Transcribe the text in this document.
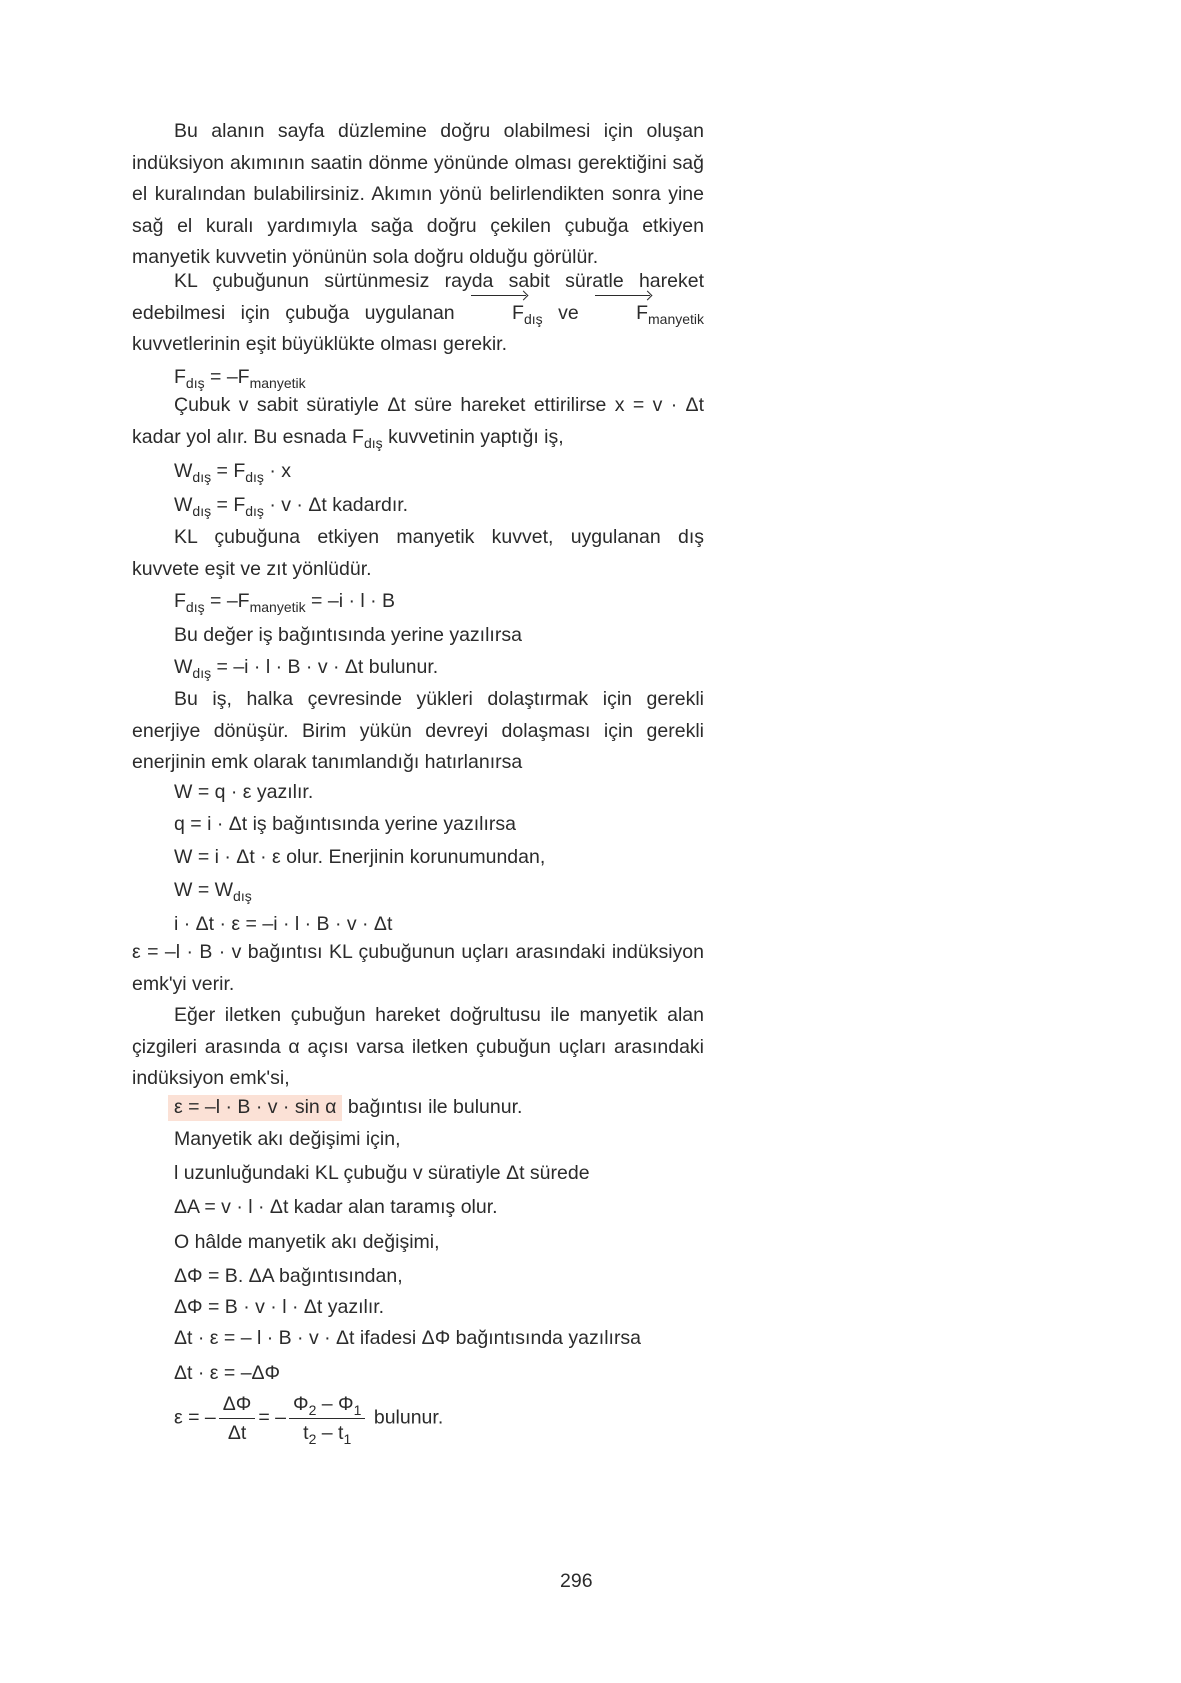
Bu alanın sayfa düzlemine doğru olabilmesi için oluşan indüksiyon akımının saatin dönme yönünde olması gerektiğini sağ el kuralından bulabilirsiniz. Akımın yönü belirlendikten sonra yine sağ el kuralı yardımıyla sağa doğru çekilen çubuğa etkiyen manyetik kuvvetin yönünün sola doğru olduğu görülür.
KL çubuğunun sürtünmesiz rayda sabit süratle hareket edebilmesi için çubuğa uygulanan	$F_{dış}$ ve	$F_{manyetik}$ kuvvetlerinin eşit büyüklükte olması gerekir.
$F_{dış} = -F_{manyetik}$
Çubuk v sabit süratiyle Δt süre hareket ettirilirse x = v · Δt kadar yol alır. Bu esnada $F_{dış}$ kuvvetinin yaptığı iş,
$W_{dış} = F_{dış} \cdot x$
$W_{dış} = F_{dış} \cdot v \cdot \Delta t$ kadardır.
KL çubuğuna etkiyen manyetik kuvvet, uygulanan dış kuvvete eşit ve zıt yönlüdür.
$F_{dış} = -F_{manyetik} = -i \cdot l \cdot B$
Bu değer iş bağıntısında yerine yazılırsa
$W_{dış} = -i \cdot l \cdot B \cdot v \cdot \Delta t$ bulunur.
Bu iş, halka çevresinde yükleri dolaştırmak için gerekli enerjiye dönüşür. Birim yükün devreyi dolaşması için gerekli enerjinin emk olarak tanımlandığı hatırlanırsa
W = q · ε yazılır.
q = i · Δt iş bağıntısında yerine yazılırsa
W = i · Δt · ε olur. Enerjinin korunumundan,
$W = W_{dış}$
i · Δt · ε = –i · l · B · v · Δt
ε = –l · B · v bağıntısı KL çubuğunun uçları arasındaki indüksiyon emk'yi verir.
Eğer iletken çubuğun hareket doğrultusu ile manyetik alan çizgileri arasında α açısı varsa iletken çubuğun uçları arasındaki indüksiyon emk'si,
ε = –l · B · v · sin α bağıntısı ile bulunur.
Manyetik akı değişimi için,
l uzunluğundaki KL çubuğu v süratiyle Δt sürede
ΔA = v · l · Δt kadar alan taramış olur.
O hâlde manyetik akı değişimi,
ΔΦ = B. ΔA bağıntısından,
ΔΦ = B · v · l · Δt yazılır.
Δt · ε = – l · B · v · Δt ifadesi ΔΦ bağıntısında yazılırsa
Δt · ε = –ΔΦ
ε = – $\frac{\Delta\Phi}{\Delta t}$ = – $\frac{\Phi_2 - \Phi_1}{t_2 - t_1}$ bulunur.
296
